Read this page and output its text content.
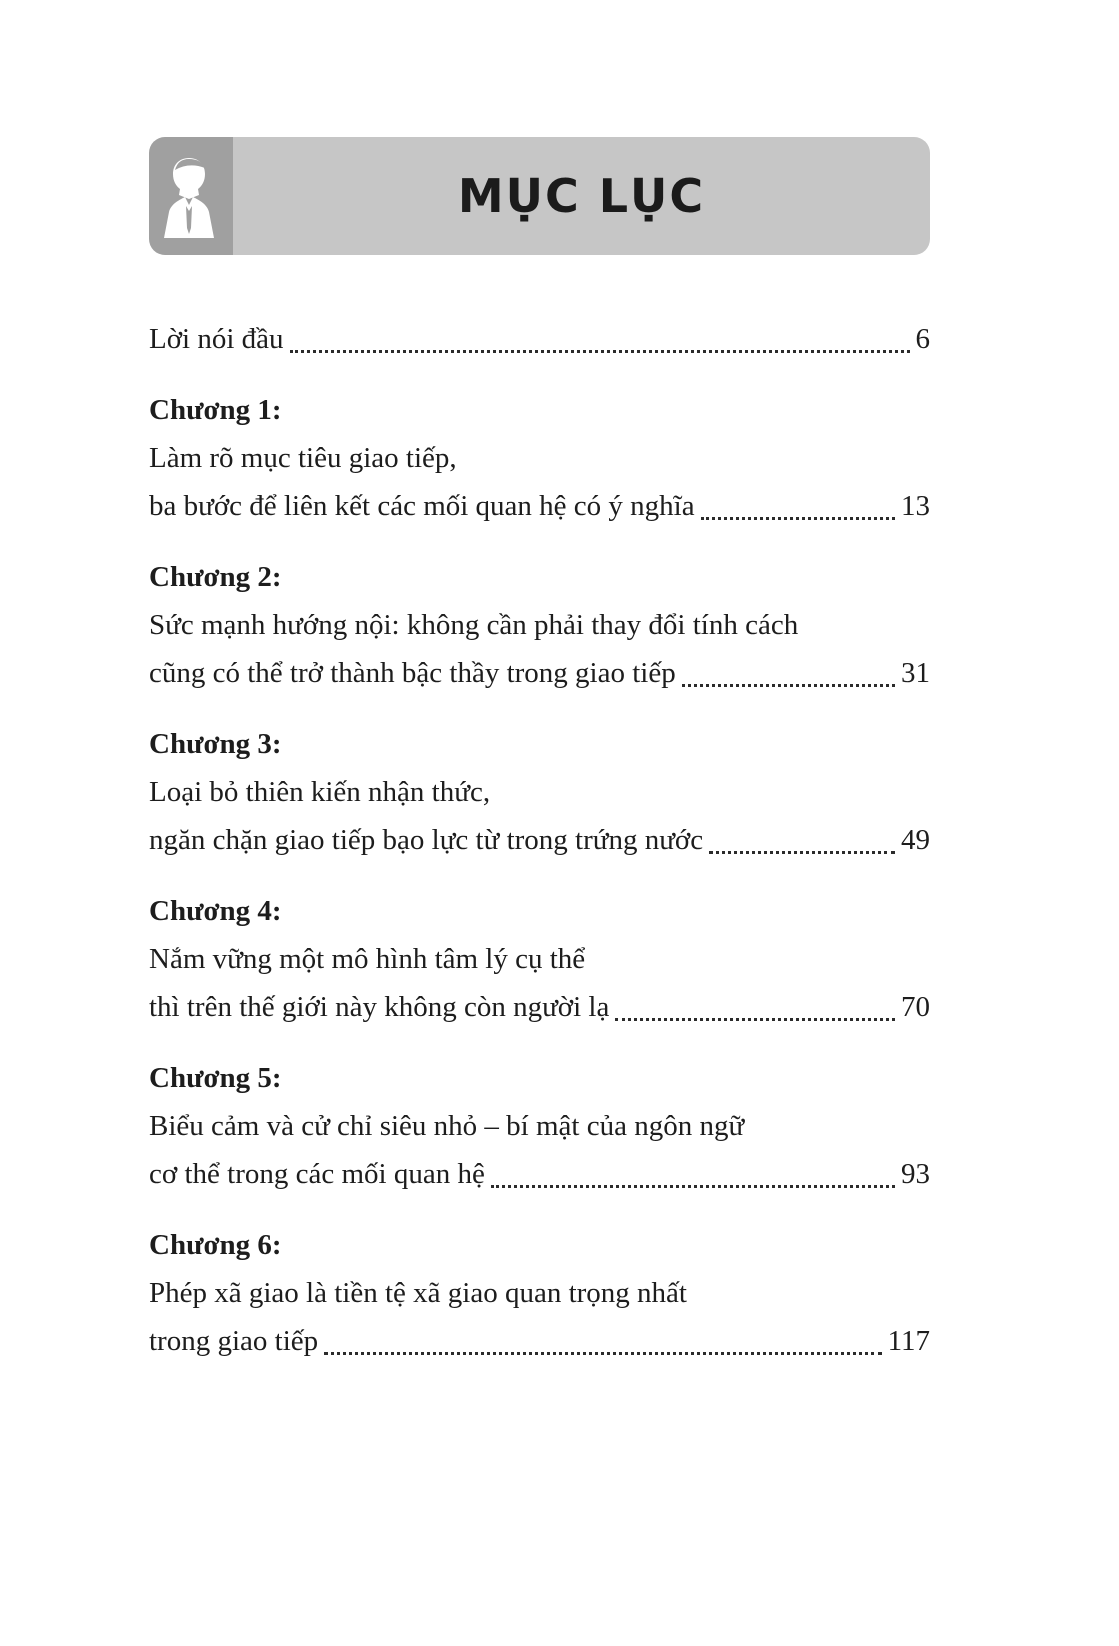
MỤC LỤC
Lời nói đầu	6
Chương 1:
Làm rõ mục tiêu giao tiếp,
ba bước để liên kết các mối quan hệ có ý nghĩa	13
Chương 2:
Sức mạnh hướng nội: không cần phải thay đổi tính cách
cũng có thể trở thành bậc thầy trong giao tiếp	31
Chương 3:
Loại bỏ thiên kiến nhận thức,
ngăn chặn giao tiếp bạo lực từ trong trứng nước	49
Chương 4:
Nắm vững một mô hình tâm lý cụ thể
thì trên thế giới này không còn người lạ	70
Chương 5:
Biểu cảm và cử chỉ siêu nhỏ – bí mật của ngôn ngữ
cơ thể trong các mối quan hệ	93
Chương 6:
Phép xã giao là tiền tệ xã giao quan trọng nhất
trong giao tiếp	117
